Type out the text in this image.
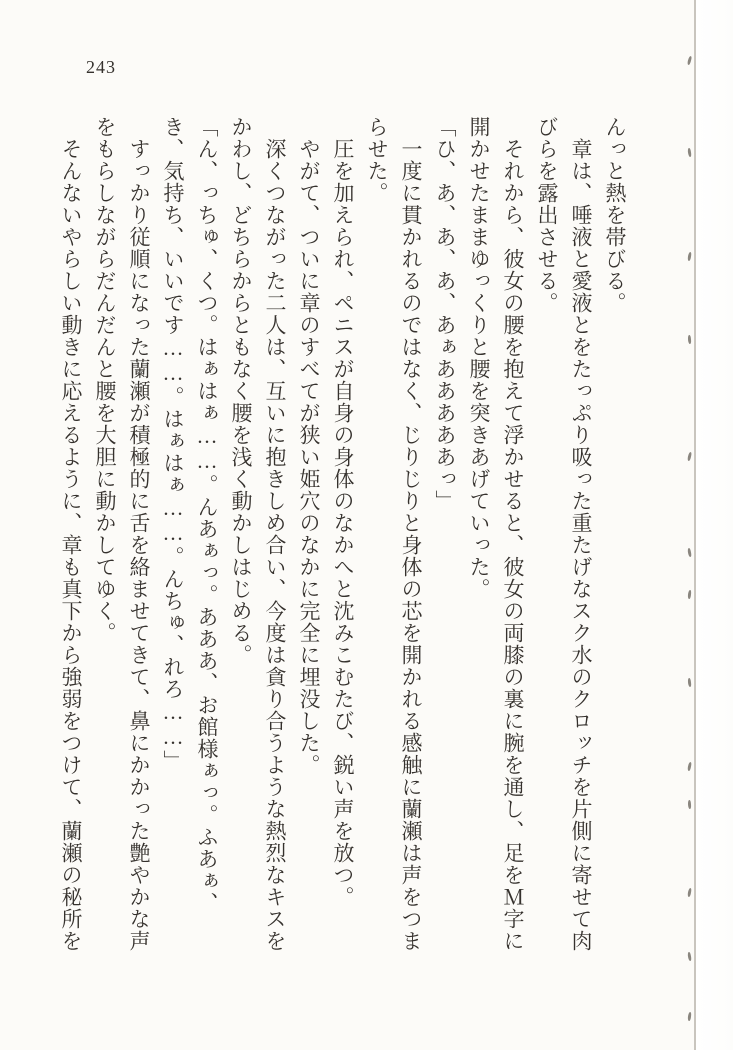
243

んっと熱を帯びる。

　章は、唾液と愛液とをたっぷり吸った重たげなスク水のクロッチを片側に寄せて肉びらを露出させる。

　それから、彼女の腰を抱えて浮かせると、彼女の両膝の裏に腕を通し、足をＭ字に開かせたままゆっくりと腰を突きあげていった。

「ひ、あ、あ、あ、あぁあああああっ」

　一度に貫かれるのではなく、じりじりと身体の芯を開かれる感触に蘭瀬は声をつまらせた。

　圧を加えられ、ペニスが自身の身体のなかへと沈みこむたび、鋭い声を放つ。

　やがて、ついに章のすべてが狭い姫穴のなかに完全に埋没した。

　深くつながった二人は、互いに抱きしめ合い、今度は貪り合うような熱烈なキスをかわし、どちらからともなく腰を浅く動かしはじめる。

「ん、っちゅ、くつ。はぁはぁ……。んあぁっ。あああ、お館様ぁっ。ふあぁ、き、気持ち、いいです……。はぁはぁ……。んちゅ、れろ……」

　すっかり従順になった蘭瀬が積極的に舌を絡ませてきて、鼻にかかった艶やかな声をもらしながらだんだんと腰を大胆に動かしてゆく。

　そんないやらしい動きに応えるように、章も真下から強弱をつけて、蘭瀬の秘所を
